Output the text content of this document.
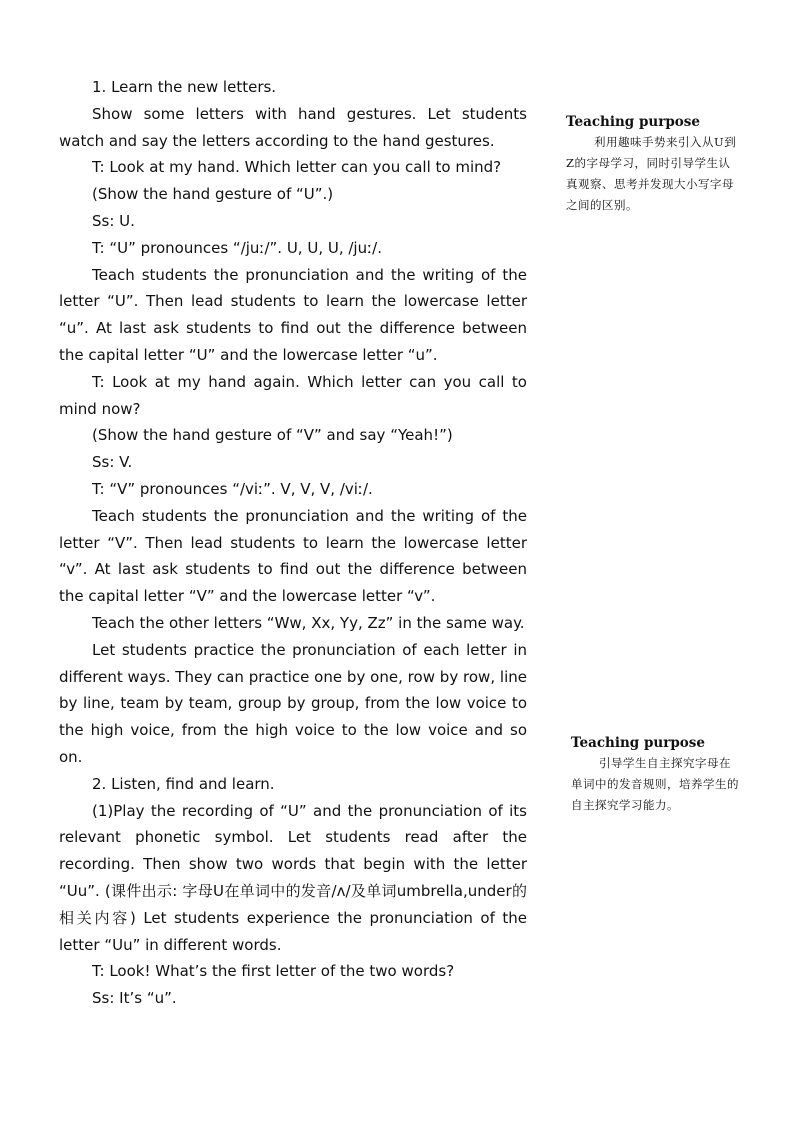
1. Learn the new letters.

Show some letters with hand gestures. Let students watch and say the letters according to the hand gestures.

T: Look at my hand. Which letter can you call to mind?

(Show the hand gesture of “U”.)

Ss: U.

T: “U” pronounces “/juː/”. U, U, U, /juː/.

Teach students the pronunciation and the writing of the letter “U”. Then lead students to learn the lowercase letter “u”. At last ask students to find out the difference between the capital letter “U” and the lowercase letter “u”.

T: Look at my hand again. Which letter can you call to mind now?

(Show the hand gesture of “V” and say “Yeah!”)

Ss: V.

T: “V” pronounces “/viː”. V, V, V, /viː/.

Teach students the pronunciation and the writing of the letter “V”. Then lead students to learn the lowercase letter “v”. At last ask students to find out the difference between the capital letter “V” and the lowercase letter “v”.

Teach the other letters “Ww, Xx, Yy, Zz” in the same way.

Let students practice the pronunciation of each letter in different ways. They can practice one by one, row by row, line by line, team by team, group by group, from the low voice to the high voice, from the high voice to the low voice and so on.

2. Listen, find and learn.

(1)Play the recording of “U” and the pronunciation of its relevant phonetic symbol. Let students read after the recording. Then show two words that begin with the letter “Uu”. (课件出示: 字母U在单词中的发音/ʌ/及单词umbrella,under的相关内容) Let students experience the pronunciation of the letter “Uu” in different words.

T: Look! What’s the first letter of the two words?

Ss: It’s “u”.

Teaching purpose

利用趣味手势来引入从U到Z的字母学习，同时引导学生认真观察、思考并发现大小写字母之间的区别。

Teaching purpose

引导学生自主探究字母在单词中的发音规则，培养学生的自主探究学习能力。
